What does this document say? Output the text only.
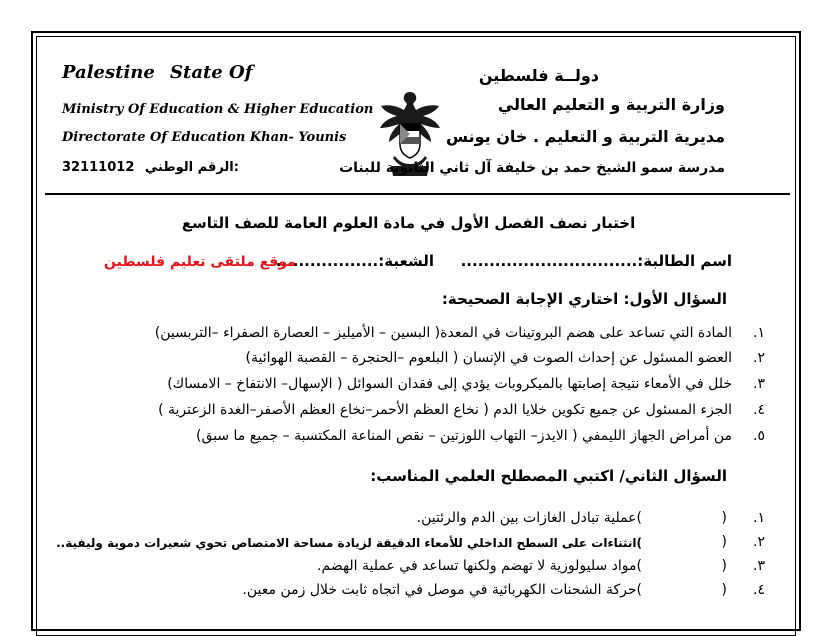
Palestine State Of
Ministry Of Education & Higher Education
Directorate Of Education Khan- Younis
32111012 الرقم الوطني:
دولــة فلسطين
وزارة التربية و التعليم العالي
مديرية التربية و التعليم . خان يونس
مدرسة سمو الشيخ حمد بن خليفة آل ثاني الثانوية للبنات
اختبار نصف الفصل الأول في مادة العلوم العامة للصف التاسع
اسم الطالبة:...............................
الشعبة:..................
موقع ملتقى تعليم فلسطين
السؤال الأول: اختاري الإجابة الصحيحة:
١.
المادة التي تساعد على هضم البروتينات في المعدة( البسين – الأميليز – العصارة الصفراء –التربسين)
٢.
العضو المسئول عن إحداث الصوت في الإنسان ( البلعوم –الحنجرة – القصبة الهوائية)
٣.
خلل في الأمعاء نتيجة إصابتها بالميكروبات يؤدي إلى فقدان السوائل ( الإسهال– الانتفاخ – الامساك)
٤.
الجزء المسئول عن جميع تكوين خلايا الدم ( نخاع العظم الأحمر–نخاع العظم الأصفر–الغدة الزعترية )
٥.
من أمراض الجهاز الليمفي ( الايدز– التهاب اللوزتين – نقص المناعة المكتسبة – جميع ما سبق)
السؤال الثاني/ اكتبي المصطلح العلمي المناسب:
١.
(
)عملية تبادل الغازات بين الدم والرئتين.
٢.
(
)انثناءات على السطح الداخلي للأمعاء الدقيقة لزيادة مساحة الامتصاص تحوي شعيرات دموية وليفية..
٣.
(
)مواد سليولوزية لا تهضم ولكنها تساعد في عملية الهضم.
٤.
(
)حركة الشحنات الكهربائية في موصل في اتجاه ثابت خلال زمن معين.
